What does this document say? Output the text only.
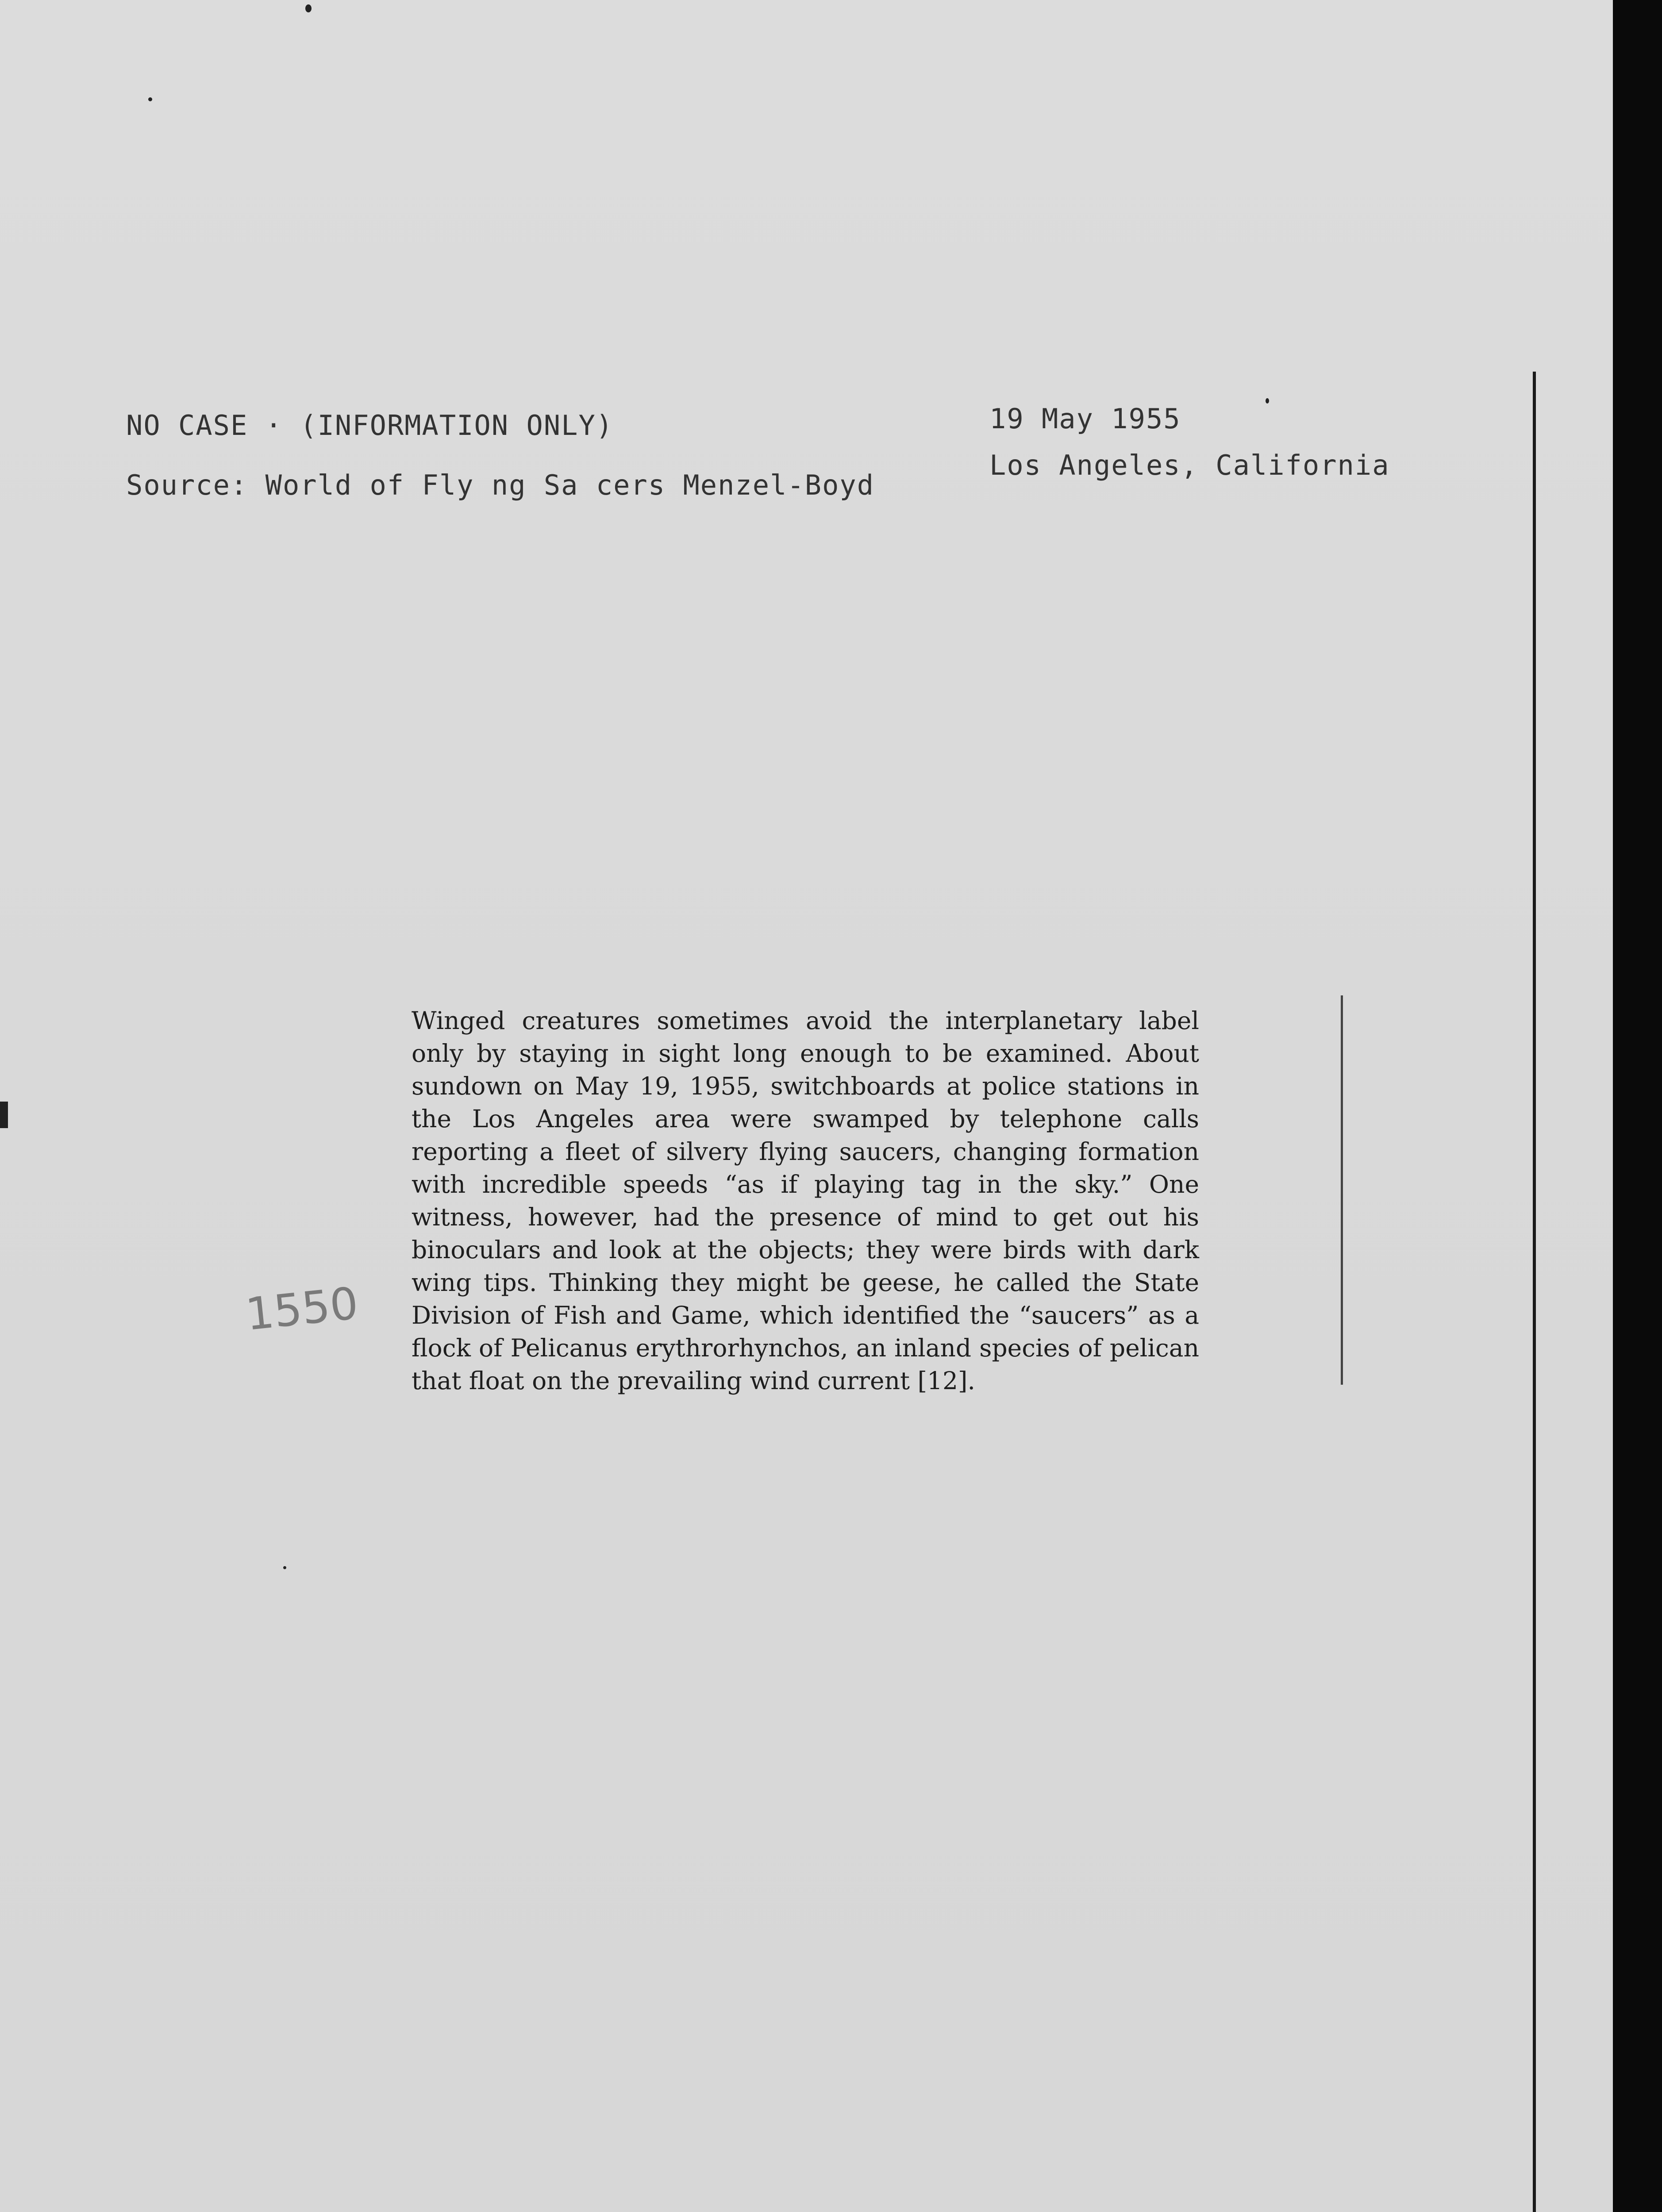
NO CASE · (INFORMATION ONLY)
Source: World of Fly ng Sa cers Menzel-Boyd
19 May 1955
Los Angeles, California

Winged creatures sometimes avoid the interplanetary label only by staying in sight long enough to be examined. About sundown on May 19, 1955, switchboards at police stations in the Los Angeles area were swamped by telephone calls reporting a fleet of silvery flying saucers, changing formation with incredible speeds “as if playing tag in the sky.” One witness, however, had the presence of mind to get out his binoculars and look at the objects; they were birds with dark wing tips. Thinking they might be geese, he called the State Division of Fish and Game, which identified the “saucers” as a flock of Pelicanus erythrorhynchos, an inland species of pelican that float on the prevailing wind current [12].

1550
